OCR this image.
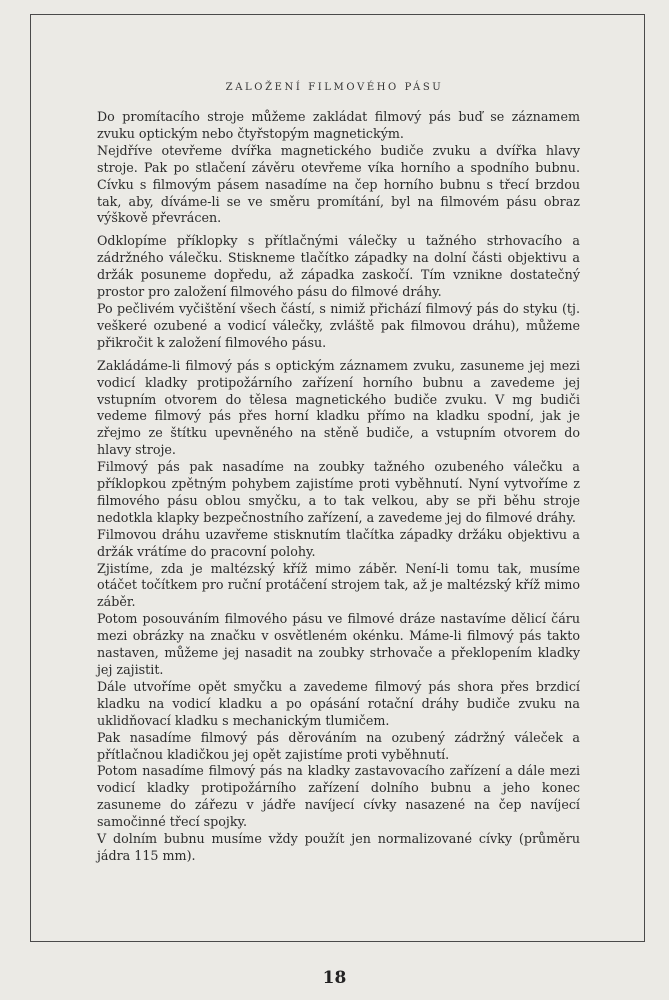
ZALOŽENÍ FILMOVÉHO PÁSU

Do promítacího stroje můžeme zakládat filmový pás buď se záznamem zvuku optickým nebo čtyřstopým magnetickým.

Nejdříve otevřeme dvířka magnetického budiče zvuku a dvířka hlavy stroje. Pak po stlačení závěru otevřeme víka horního a spodního bubnu. Cívku s filmovým pásem nasadíme na čep horního bubnu s třecí brzdou tak, aby, díváme-li se ve směru promítání, byl na filmovém pásu obraz výškově převrácen.

Odklopíme příklopky s přítlačnými válečky u tažného strhovacího a zádržného válečku. Stiskneme tlačítko západky na dolní části objektivu a držák posuneme dopředu, až západka zaskočí. Tím vznikne dostatečný prostor pro založení filmového pásu do filmové dráhy.

Po pečlivém vyčištění všech částí, s nimiž přichází filmový pás do styku (tj. veškeré ozubené a vodicí válečky, zvláště pak filmovou dráhu), můžeme přikročit k založení filmového pásu.

Zakládáme-li filmový pás s optickým záznamem zvuku, zasuneme jej mezi vodicí kladky protipožárního zařízení horního bubnu a zavedeme jej vstupním otvorem do tělesa magnetického budiče zvuku. V mg budiči vedeme filmový pás přes horní kladku přímo na kladku spodní, jak je zřejmo ze štítku upevněného na stěně budiče, a vstupním otvorem do hlavy stroje.

Filmový pás pak nasadíme na zoubky tažného ozubeného válečku a příklopkou zpětným pohybem zajistíme proti vyběhnutí. Nyní vytvoříme z filmového pásu oblou smyčku, a to tak velkou, aby se při běhu stroje nedotkla klapky bezpečnostního zařízení, a zavedeme jej do filmové dráhy.

Filmovou dráhu uzavřeme stisknutím tlačítka západky držáku objektivu a držák vrátíme do pracovní polohy.

Zjistíme, zda je maltézský kříž mimo záběr. Není-li tomu tak, musíme otáčet točítkem pro ruční protáčení strojem tak, až je maltézský kříž mimo záběr.

Potom posouváním filmového pásu ve filmové dráze nastavíme dělicí čáru mezi obrázky na značku v osvětleném okénku. Máme-li filmový pás takto nastaven, můžeme jej nasadit na zoubky strhovače a překlopením kladky jej zajistit.

Dále utvoříme opět smyčku a zavedeme filmový pás shora přes brzdicí kladku na vodicí kladku a po opásání rotační dráhy budiče zvuku na uklidňovací kladku s mechanickým tlumičem.

Pak nasadíme filmový pás děrováním na ozubený zádržný váleček a přítlačnou kladičkou jej opět zajistíme proti vyběhnutí.

Potom nasadíme filmový pás na kladky zastavovacího zařízení a dále mezi vodicí kladky protipožárního zařízení dolního bubnu a jeho konec zasuneme do zářezu v jádře navíjecí cívky nasazené na čep navíjecí samočinné třecí spojky.

V dolním bubnu musíme vždy použít jen normalizované cívky (průměru jádra 115 mm).

18
